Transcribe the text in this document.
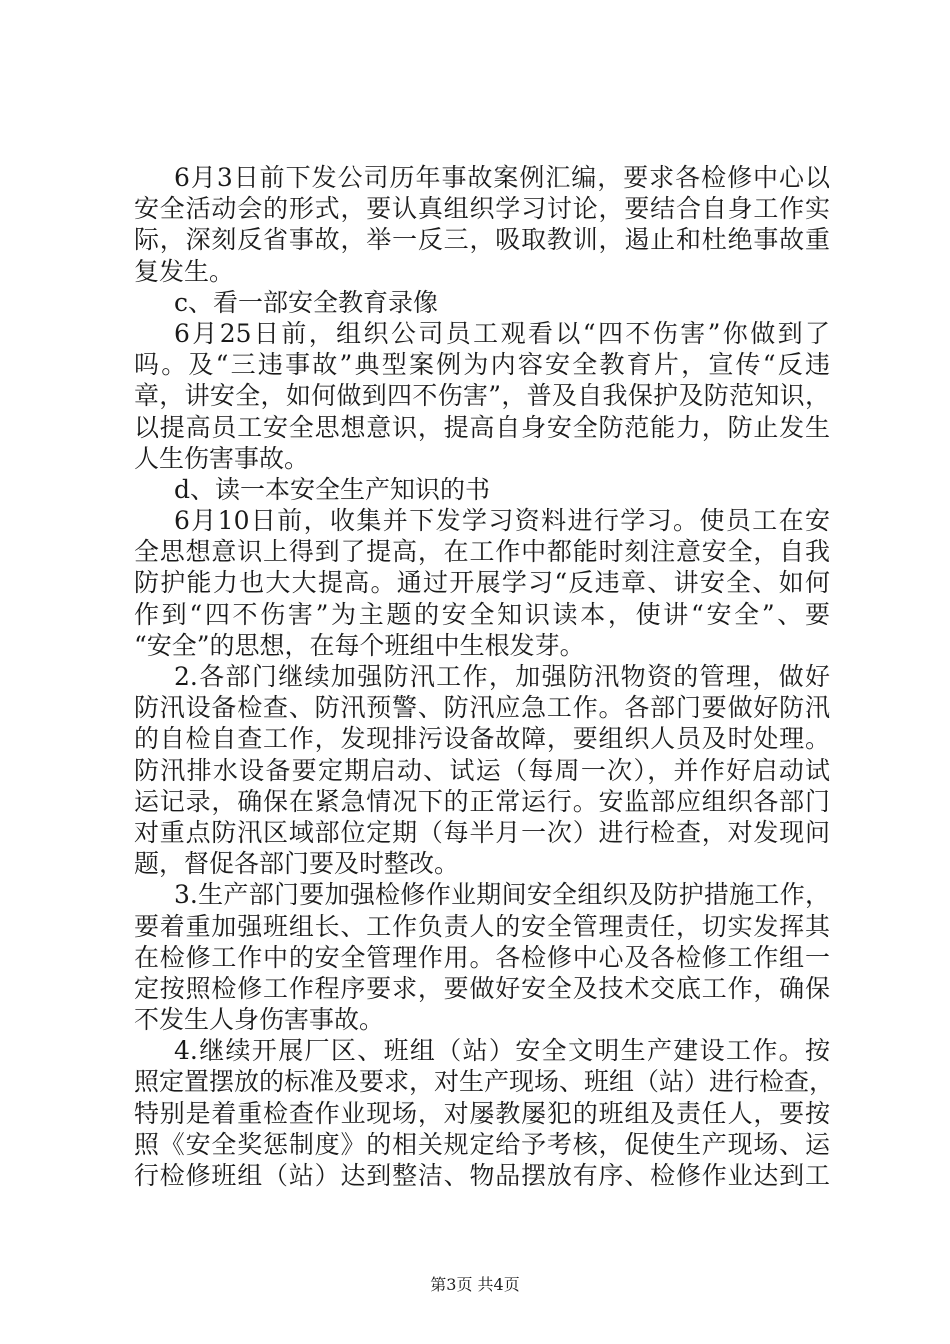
6月3日前下发公司历年事故案例汇编，要求各检修中心以
安全活动会的形式，要认真组织学习讨论，要结合自身工作实
际，深刻反省事故，举一反三，吸取教训，遏止和杜绝事故重
复发生。
c、看一部安全教育录像
6月25日前，组织公司员工观看以“四不伤害”你做到了
吗。及“三违事故”典型案例为内容安全教育片，宣传“反违
章，讲安全，如何做到四不伤害”，普及自我保护及防范知识，
以提高员工安全思想意识，提高自身安全防范能力，防止发生
人生伤害事故。
d、读一本安全生产知识的书
6月10日前，收集并下发学习资料进行学习。使员工在安
全思想意识上得到了提高，在工作中都能时刻注意安全，自我
防护能力也大大提高。通过开展学习“反违章、讲安全、如何
作到“四不伤害”为主题的安全知识读本，使讲“安全”、要
“安全”的思想，在每个班组中生根发芽。
2.各部门继续加强防汛工作，加强防汛物资的管理，做好
防汛设备检查、防汛预警、防汛应急工作。各部门要做好防汛
的自检自查工作，发现排污设备故障，要组织人员及时处理。
防汛排水设备要定期启动、试运（每周一次），并作好启动试
运记录，确保在紧急情况下的正常运行。安监部应组织各部门
对重点防汛区域部位定期（每半月一次）进行检查，对发现问
题，督促各部门要及时整改。
3.生产部门要加强检修作业期间安全组织及防护措施工作，
要着重加强班组长、工作负责人的安全管理责任，切实发挥其
在检修工作中的安全管理作用。各检修中心及各检修工作组一
定按照检修工作程序要求，要做好安全及技术交底工作，确保
不发生人身伤害事故。
4.继续开展厂区、班组（站）安全文明生产建设工作。按
照定置摆放的标准及要求，对生产现场、班组（站）进行检查，
特别是着重检查作业现场，对屡教屡犯的班组及责任人，要按
照《安全奖惩制度》的相关规定给予考核，促使生产现场、运
行检修班组（站）达到整洁、物品摆放有序、检修作业达到工
第3页 共4页
